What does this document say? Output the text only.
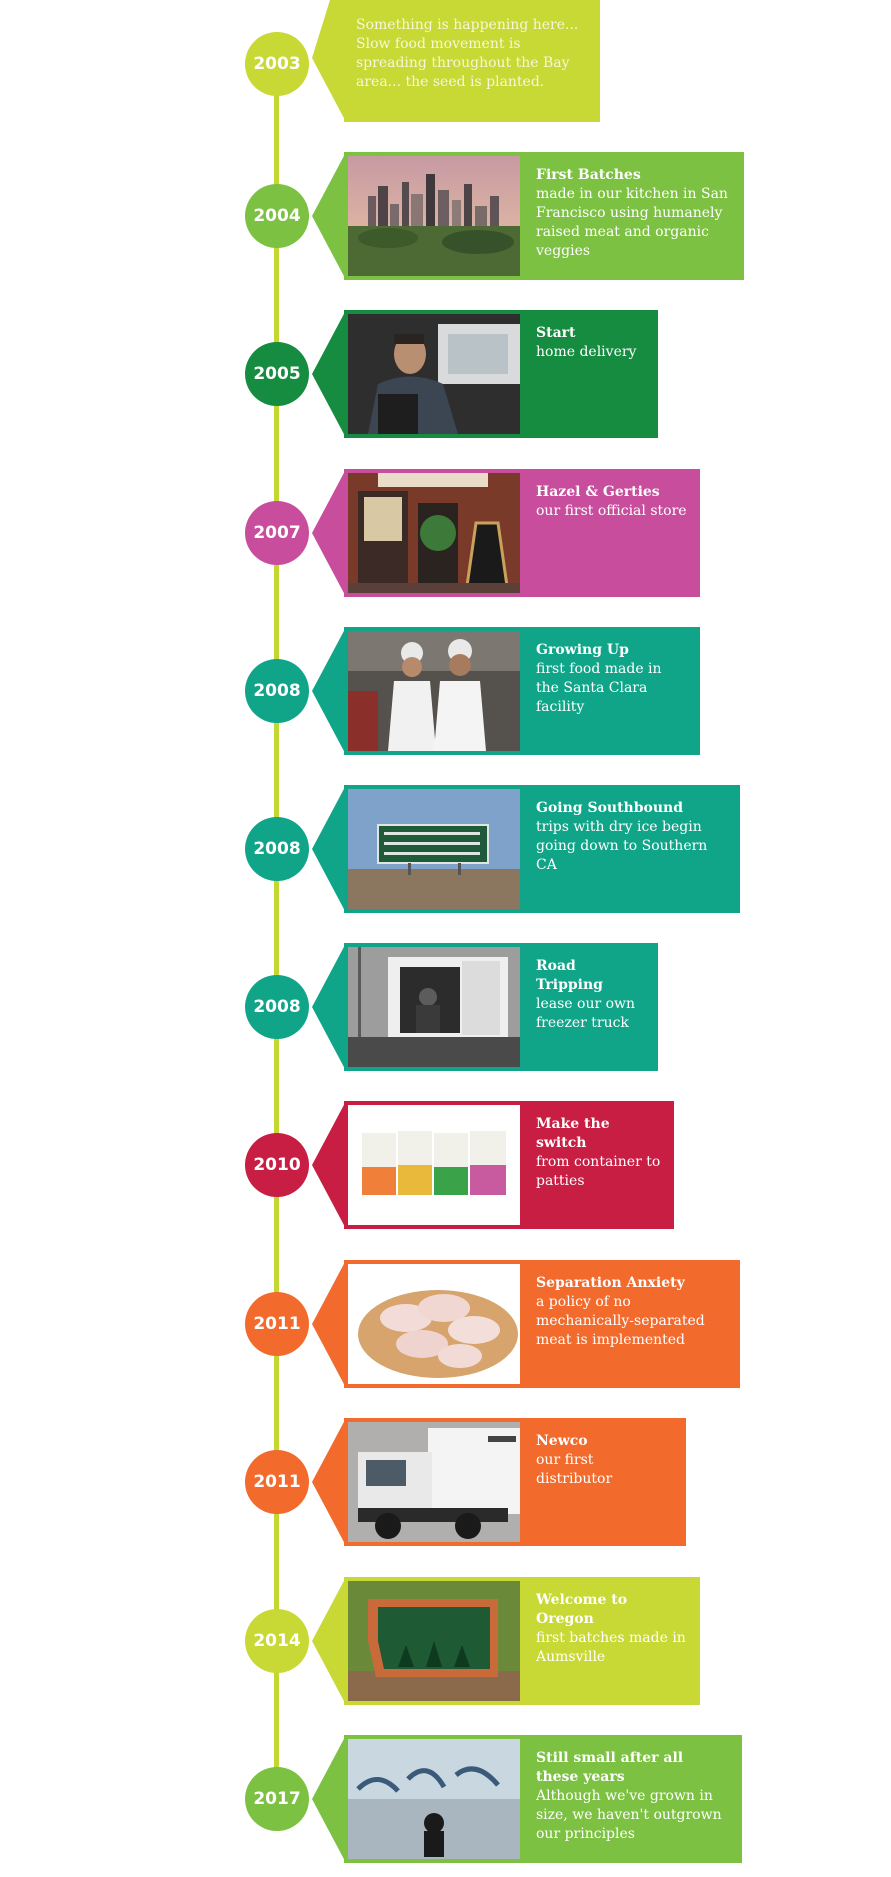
2003
Something is happening here... Slow food movement is spreading throughout the Bay area... the seed is planted.
2004
First Batches
made in our kitchen in San Francisco using humanely raised meat and organic veggies
2005
Start
home delivery
2007
Hazel & Gerties
our first official store
2008
Growing Up
first food made in the Santa Clara facility
2008
Going Southbound
trips with dry ice begin going down to Southern CA
2008
Road Tripping
lease our own freezer truck
2010
Make the switch
from container to patties
2011
Separation Anxiety
a policy of no mechanically-separated meat is implemented
2011
Newco
our first distributor
2014
Welcome to Oregon
first batches made in Aumsville
2017
Still small after all these years
Although we've grown in size, we haven't outgrown our principles
